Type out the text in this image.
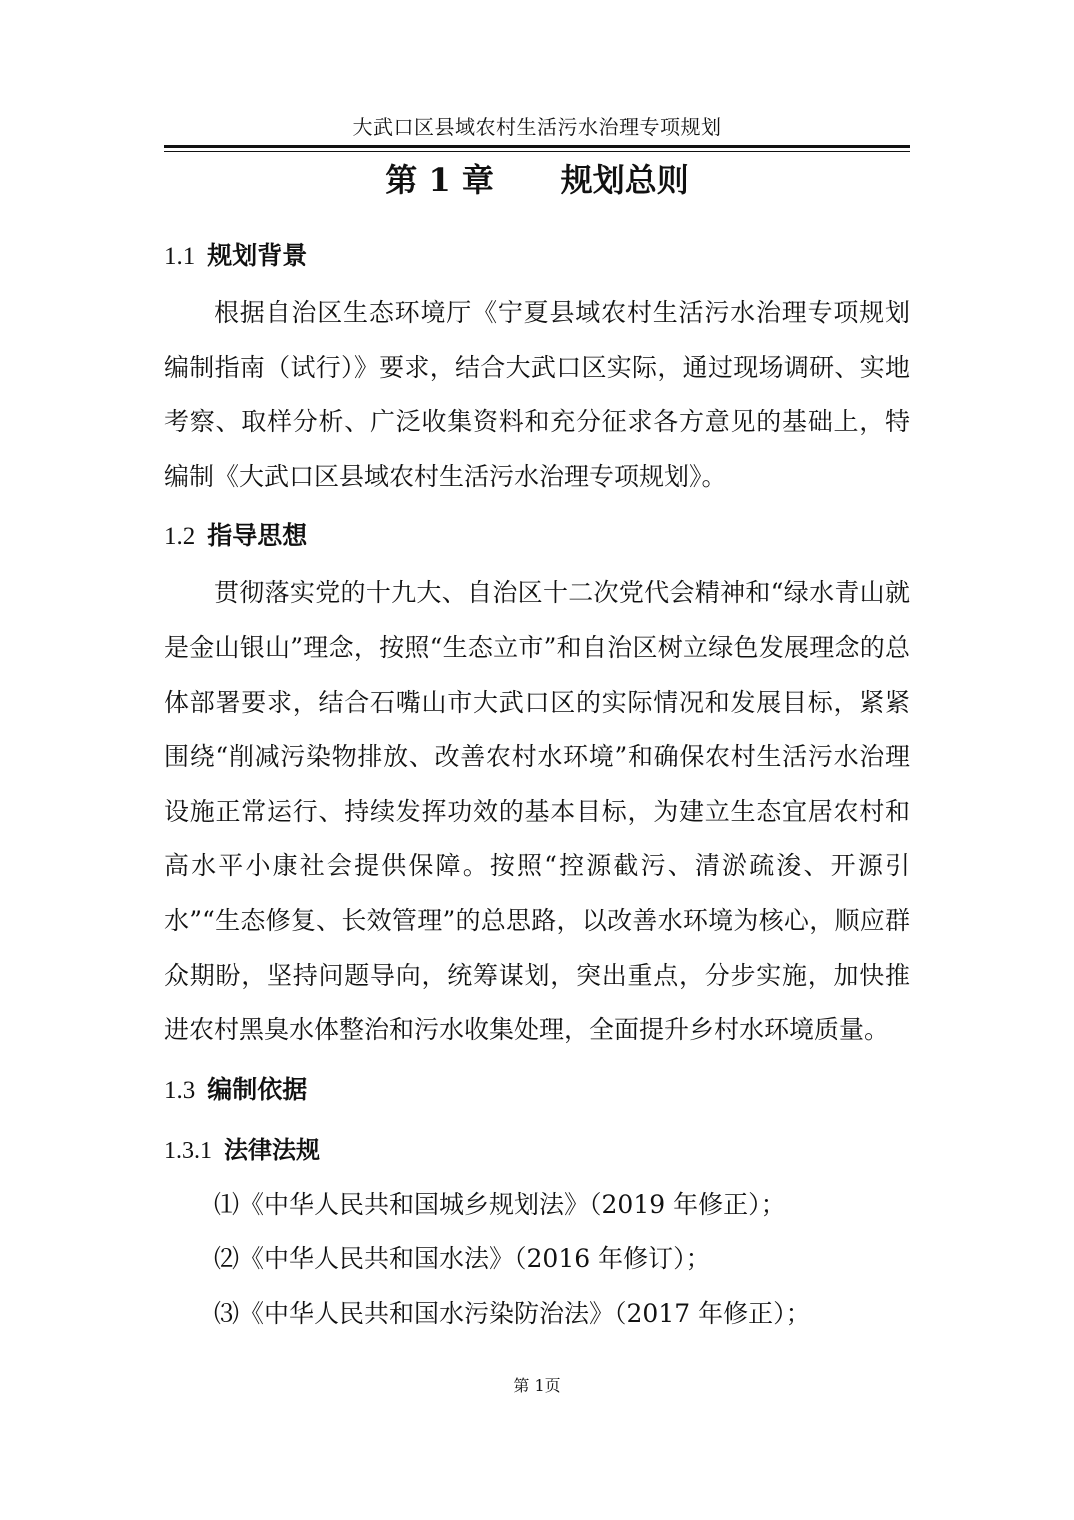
大武口区县域农村生活污水治理专项规划
第 1 章      规划总则
1.1 规划背景

根据自治区生态环境厅《宁夏县域农村生活污水治理专项规划编制指南（试行）》要求，结合大武口区实际，通过现场调研、实地考察、取样分析、广泛收集资料和充分征求各方意见的基础上，特编制《大武口区县域农村生活污水治理专项规划》。

1.2 指导思想

贯彻落实党的十九大、自治区十二次党代会精神和“绿水青山就是金山银山”理念，按照“生态立市”和自治区树立绿色发展理念的总体部署要求，结合石嘴山市大武口区的实际情况和发展目标，紧紧围绕“削减污染物排放、改善农村水环境”和确保农村生活污水治理设施正常运行、持续发挥功效的基本目标，为建立生态宜居农村和高水平小康社会提供保障。按照“控源截污、清淤疏浚、开源引水”“生态修复、长效管理”的总思路，以改善水环境为核心，顺应群众期盼，坚持问题导向，统筹谋划，突出重点，分步实施，加快推进农村黑臭水体整治和污水收集处理，全面提升乡村水环境质量。

1.3 编制依据
1.3.1 法律法规
⑴《中华人民共和国城乡规划法》（2019 年修正）；
⑵《中华人民共和国水法》（2016 年修订）；
⑶《中华人民共和国水污染防治法》（2017 年修正）；
第 1页
